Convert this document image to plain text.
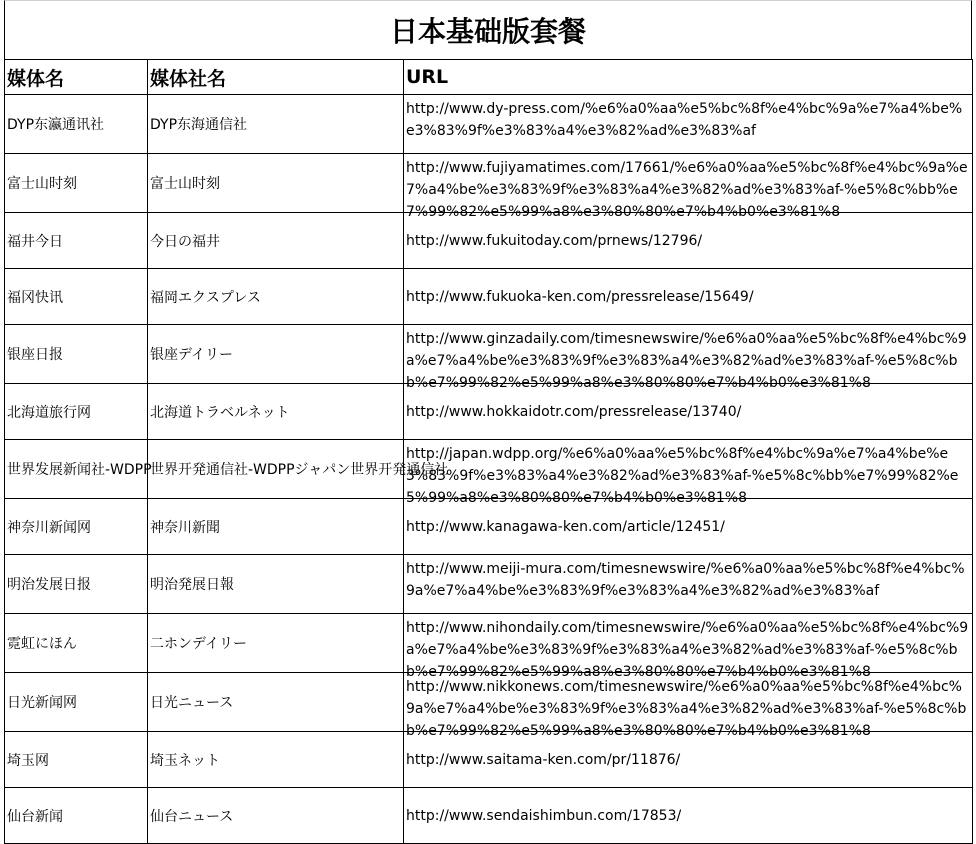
日本基础版套餐
媒体名	媒体社名	URL
DYP东瀛通讯社	DYP东海通信社	http://www.dy-press.com/%e6%a0%aa%e5%bc%8f%e4%bc%9a%e7%a4%be%e3%83%9f%e3%83%a4%e3%82%ad%e3%83%af

富士山时刻	富士山时刻	http://www.fujiyamatimes.com/17661/%e6%a0%aa%e5%bc%8f%e4%bc%9a%e7%a4%be%e3%83%9f%e3%83%a4%e3%82%ad%e3%83%af-%e5%8c%bb%e7%99%82%e5%99%a8%e3%80%80%e7%b4%b0%e3%81%8

福井今日	今日の福井	http://www.fukuitoday.com/prnews/12796/

福冈快讯	福岡エクスプレス	http://www.fukuoka-ken.com/pressrelease/15649/

银座日报	银座デイリー	http://www.ginzadaily.com/timesnewswire/%e6%a0%aa%e5%bc%8f%e4%bc%9a%e7%a4%be%e3%83%9f%e3%83%a4%e3%82%ad%e3%83%af-%e5%8c%bb%e7%99%82%e5%99%a8%e3%80%80%e7%b4%b0%e3%81%8

北海道旅行网	北海道トラベルネット	http://www.hokkaidotr.com/pressrelease/13740/

世界发展新闻社-WDPP	世界开発通信社-WDPPジャパン世界开発通信社	http://japan.wdpp.org/%e6%a0%aa%e5%bc%8f%e4%bc%9a%e7%a4%be%e3%83%9f%e3%83%a4%e3%82%ad%e3%83%af-%e5%8c%bb%e7%99%82%e5%99%a8%e3%80%80%e7%b4%b0%e3%81%8

神奈川新闻网	神奈川新聞	http://www.kanagawa-ken.com/article/12451/

明治发展日报	明治発展日報	http://www.meiji-mura.com/timesnewswire/%e6%a0%aa%e5%bc%8f%e4%bc%9a%e7%a4%be%e3%83%9f%e3%83%a4%e3%82%ad%e3%83%af

霓虹にほん	二ホンデイリー	http://www.nihondaily.com/timesnewswire/%e6%a0%aa%e5%bc%8f%e4%bc%9a%e7%a4%be%e3%83%9f%e3%83%a4%e3%82%ad%e3%83%af-%e5%8c%bb%e7%99%82%e5%99%a8%e3%80%80%e7%b4%b0%e3%81%8

日光新闻网	日光ニュース	http://www.nikkonews.com/timesnewswire/%e6%a0%aa%e5%bc%8f%e4%bc%9a%e7%a4%be%e3%83%9f%e3%83%a4%e3%82%ad%e3%83%af-%e5%8c%bb%e7%99%82%e5%99%a8%e3%80%80%e7%b4%b0%e3%81%8

埼玉网	埼玉ネット	http://www.saitama-ken.com/pr/11876/

仙台新闻	仙台ニュース	http://www.sendaishimbun.com/17853/
